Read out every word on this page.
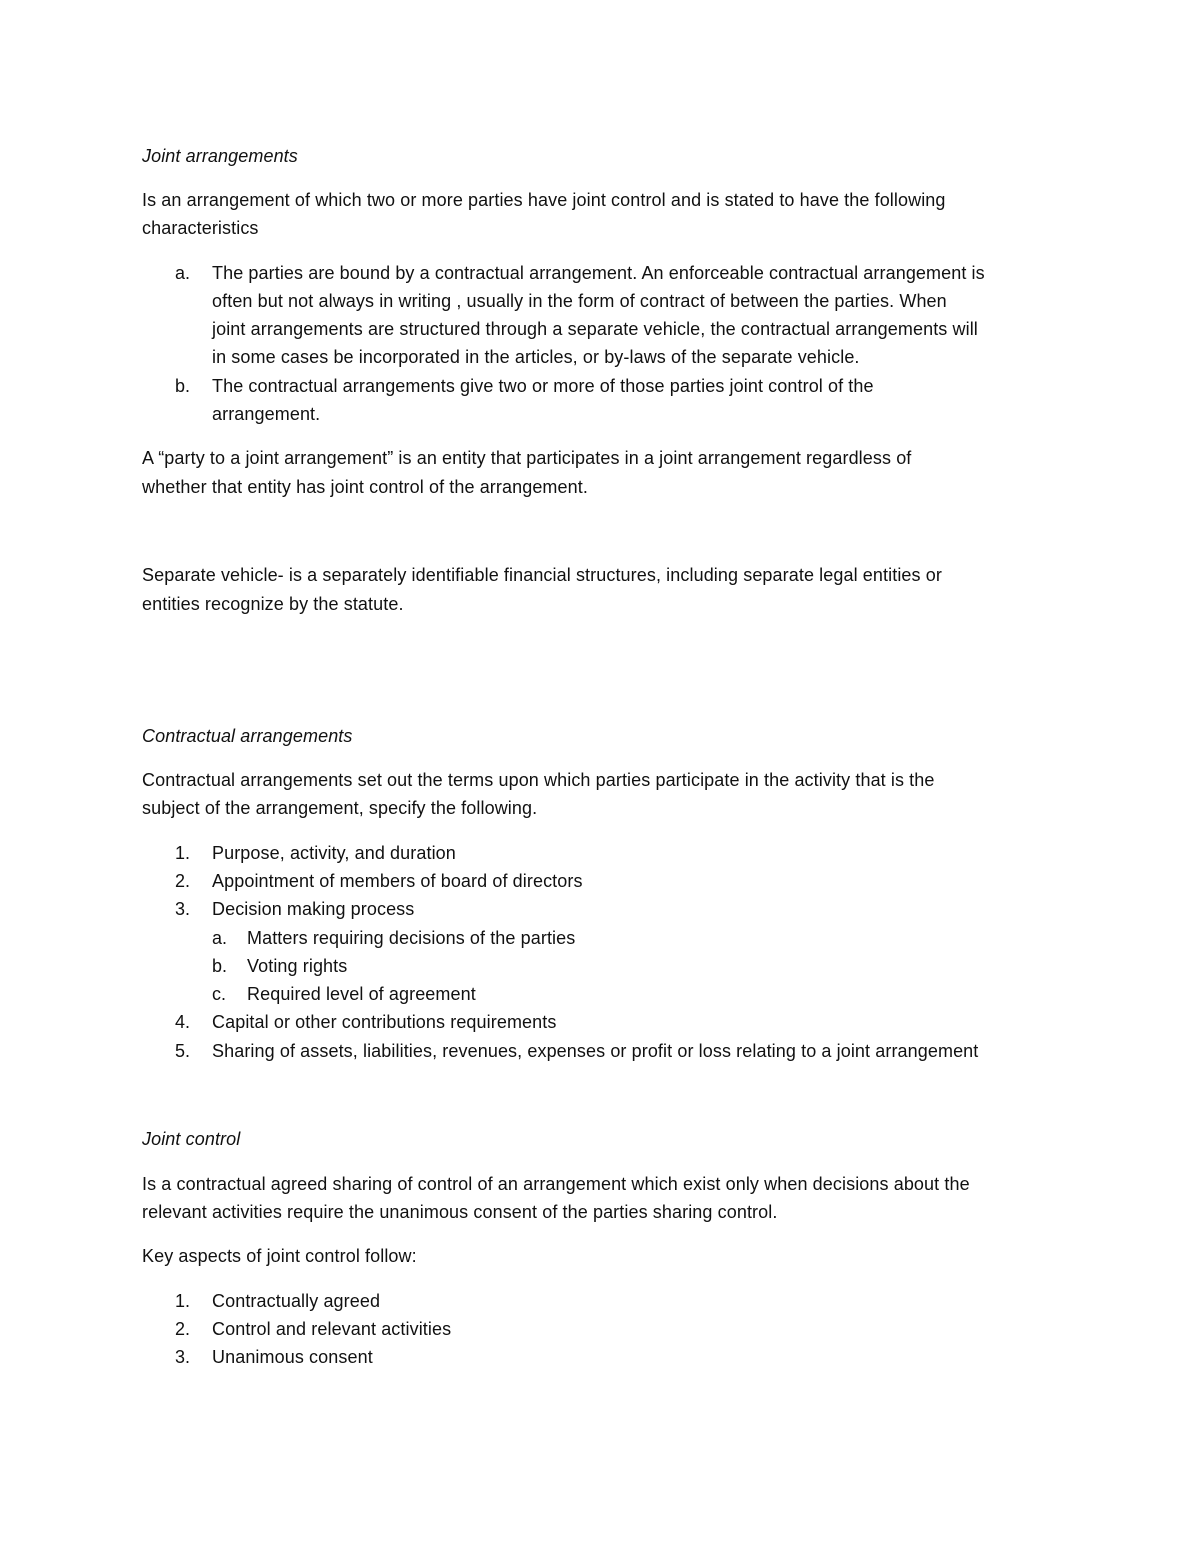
Joint arrangements

Is an arrangement of which two or more parties have joint control and is stated to have the following

characteristics

a. The parties are bound by a contractual arrangement. An enforceable contractual arrangement is

often but not always in writing , usually in the form of contract of between the parties. When

joint arrangements are structured through a separate vehicle, the contractual arrangements will

in some cases be incorporated in the articles, or by-laws of the separate vehicle.

b. The contractual arrangements give two or more of those parties joint control of the

arrangement.

A “party to a joint arrangement” is an entity that participates in a joint arrangement regardless of

whether that entity has joint control of the arrangement.

Separate vehicle- is a separately identifiable financial structures, including separate legal entities or

entities recognize by the statute.

Contractual arrangements

Contractual arrangements set out the terms upon which parties participate in the activity that is the

subject of the arrangement, specify the following.

1. Purpose, activity, and duration

2. Appointment of members of board of directors

3. Decision making process

a. Matters requiring decisions of the parties

b. Voting rights

c. Required level of agreement

4. Capital or other contributions requirements

5. Sharing of assets, liabilities, revenues, expenses or profit or loss relating to a joint arrangement

Joint control

Is a contractual agreed sharing of control of an arrangement which exist only when decisions about the

relevant activities require the unanimous consent of the parties sharing control.

Key aspects of joint control follow:

1. Contractually agreed

2. Control and relevant activities

3. Unanimous consent
